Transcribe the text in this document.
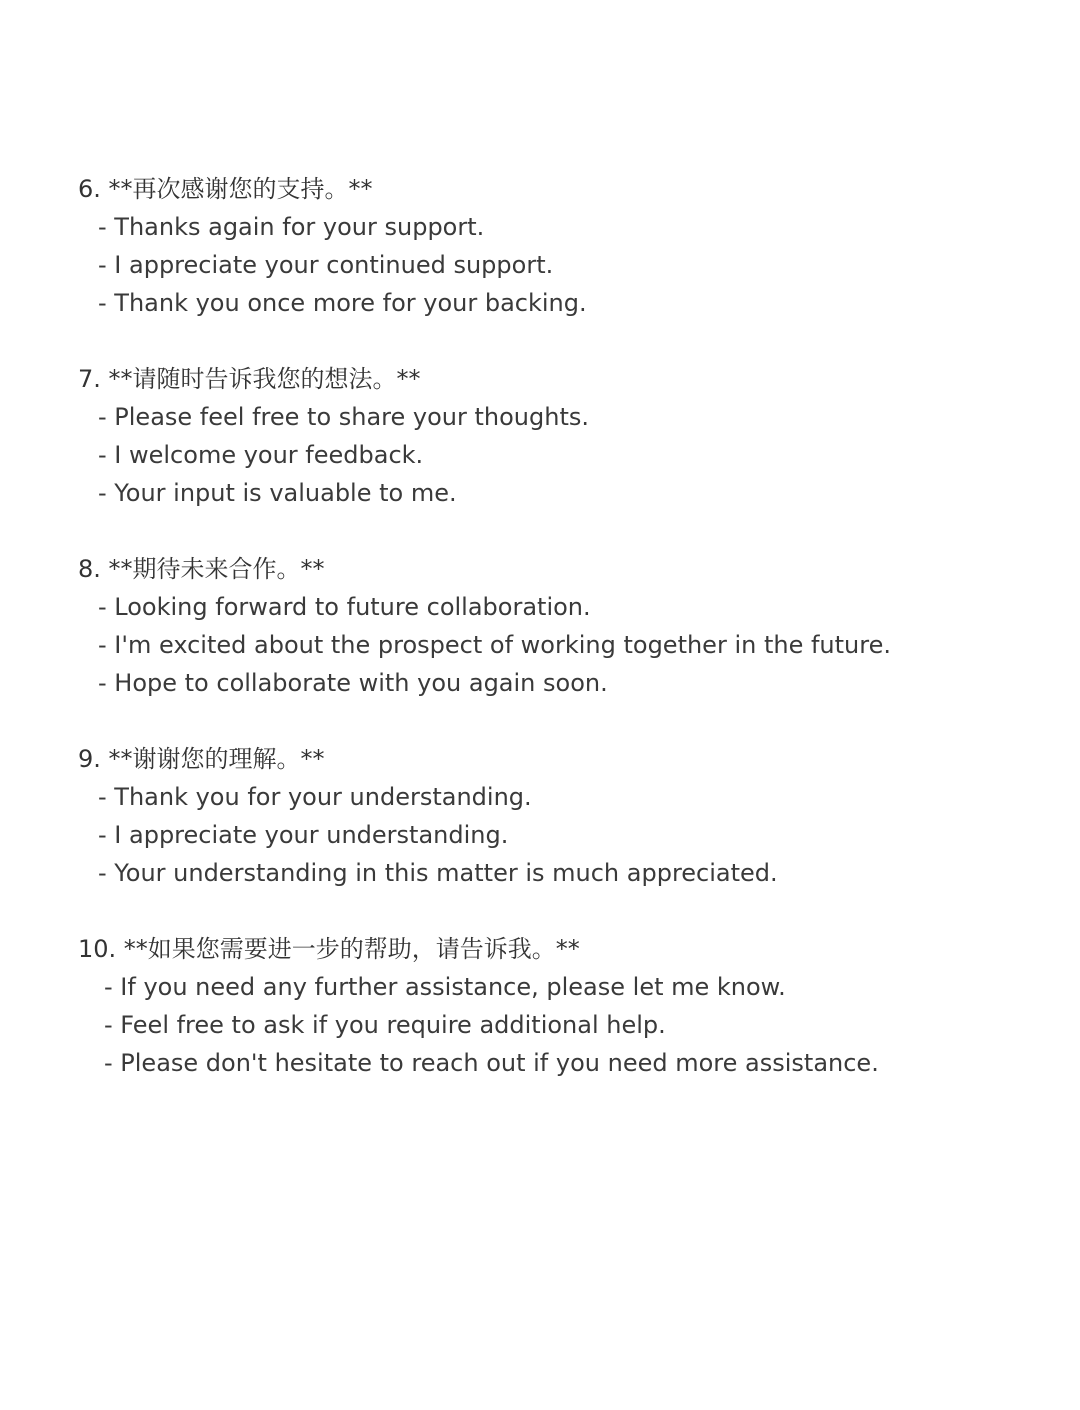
6. **再次感谢您的支持。**
- Thanks again for your support.
- I appreciate your continued support.
- Thank you once more for your backing.
7. **请随时告诉我您的想法。**
- Please feel free to share your thoughts.
- I welcome your feedback.
- Your input is valuable to me.
8. **期待未来合作。**
- Looking forward to future collaboration.
- I'm excited about the prospect of working together in the future.
- Hope to collaborate with you again soon.
9. **谢谢您的理解。**
- Thank you for your understanding.
- I appreciate your understanding.
- Your understanding in this matter is much appreciated.
10. **如果您需要进一步的帮助，请告诉我。**
- If you need any further assistance, please let me know.
- Feel free to ask if you require additional help.
- Please don't hesitate to reach out if you need more assistance.
